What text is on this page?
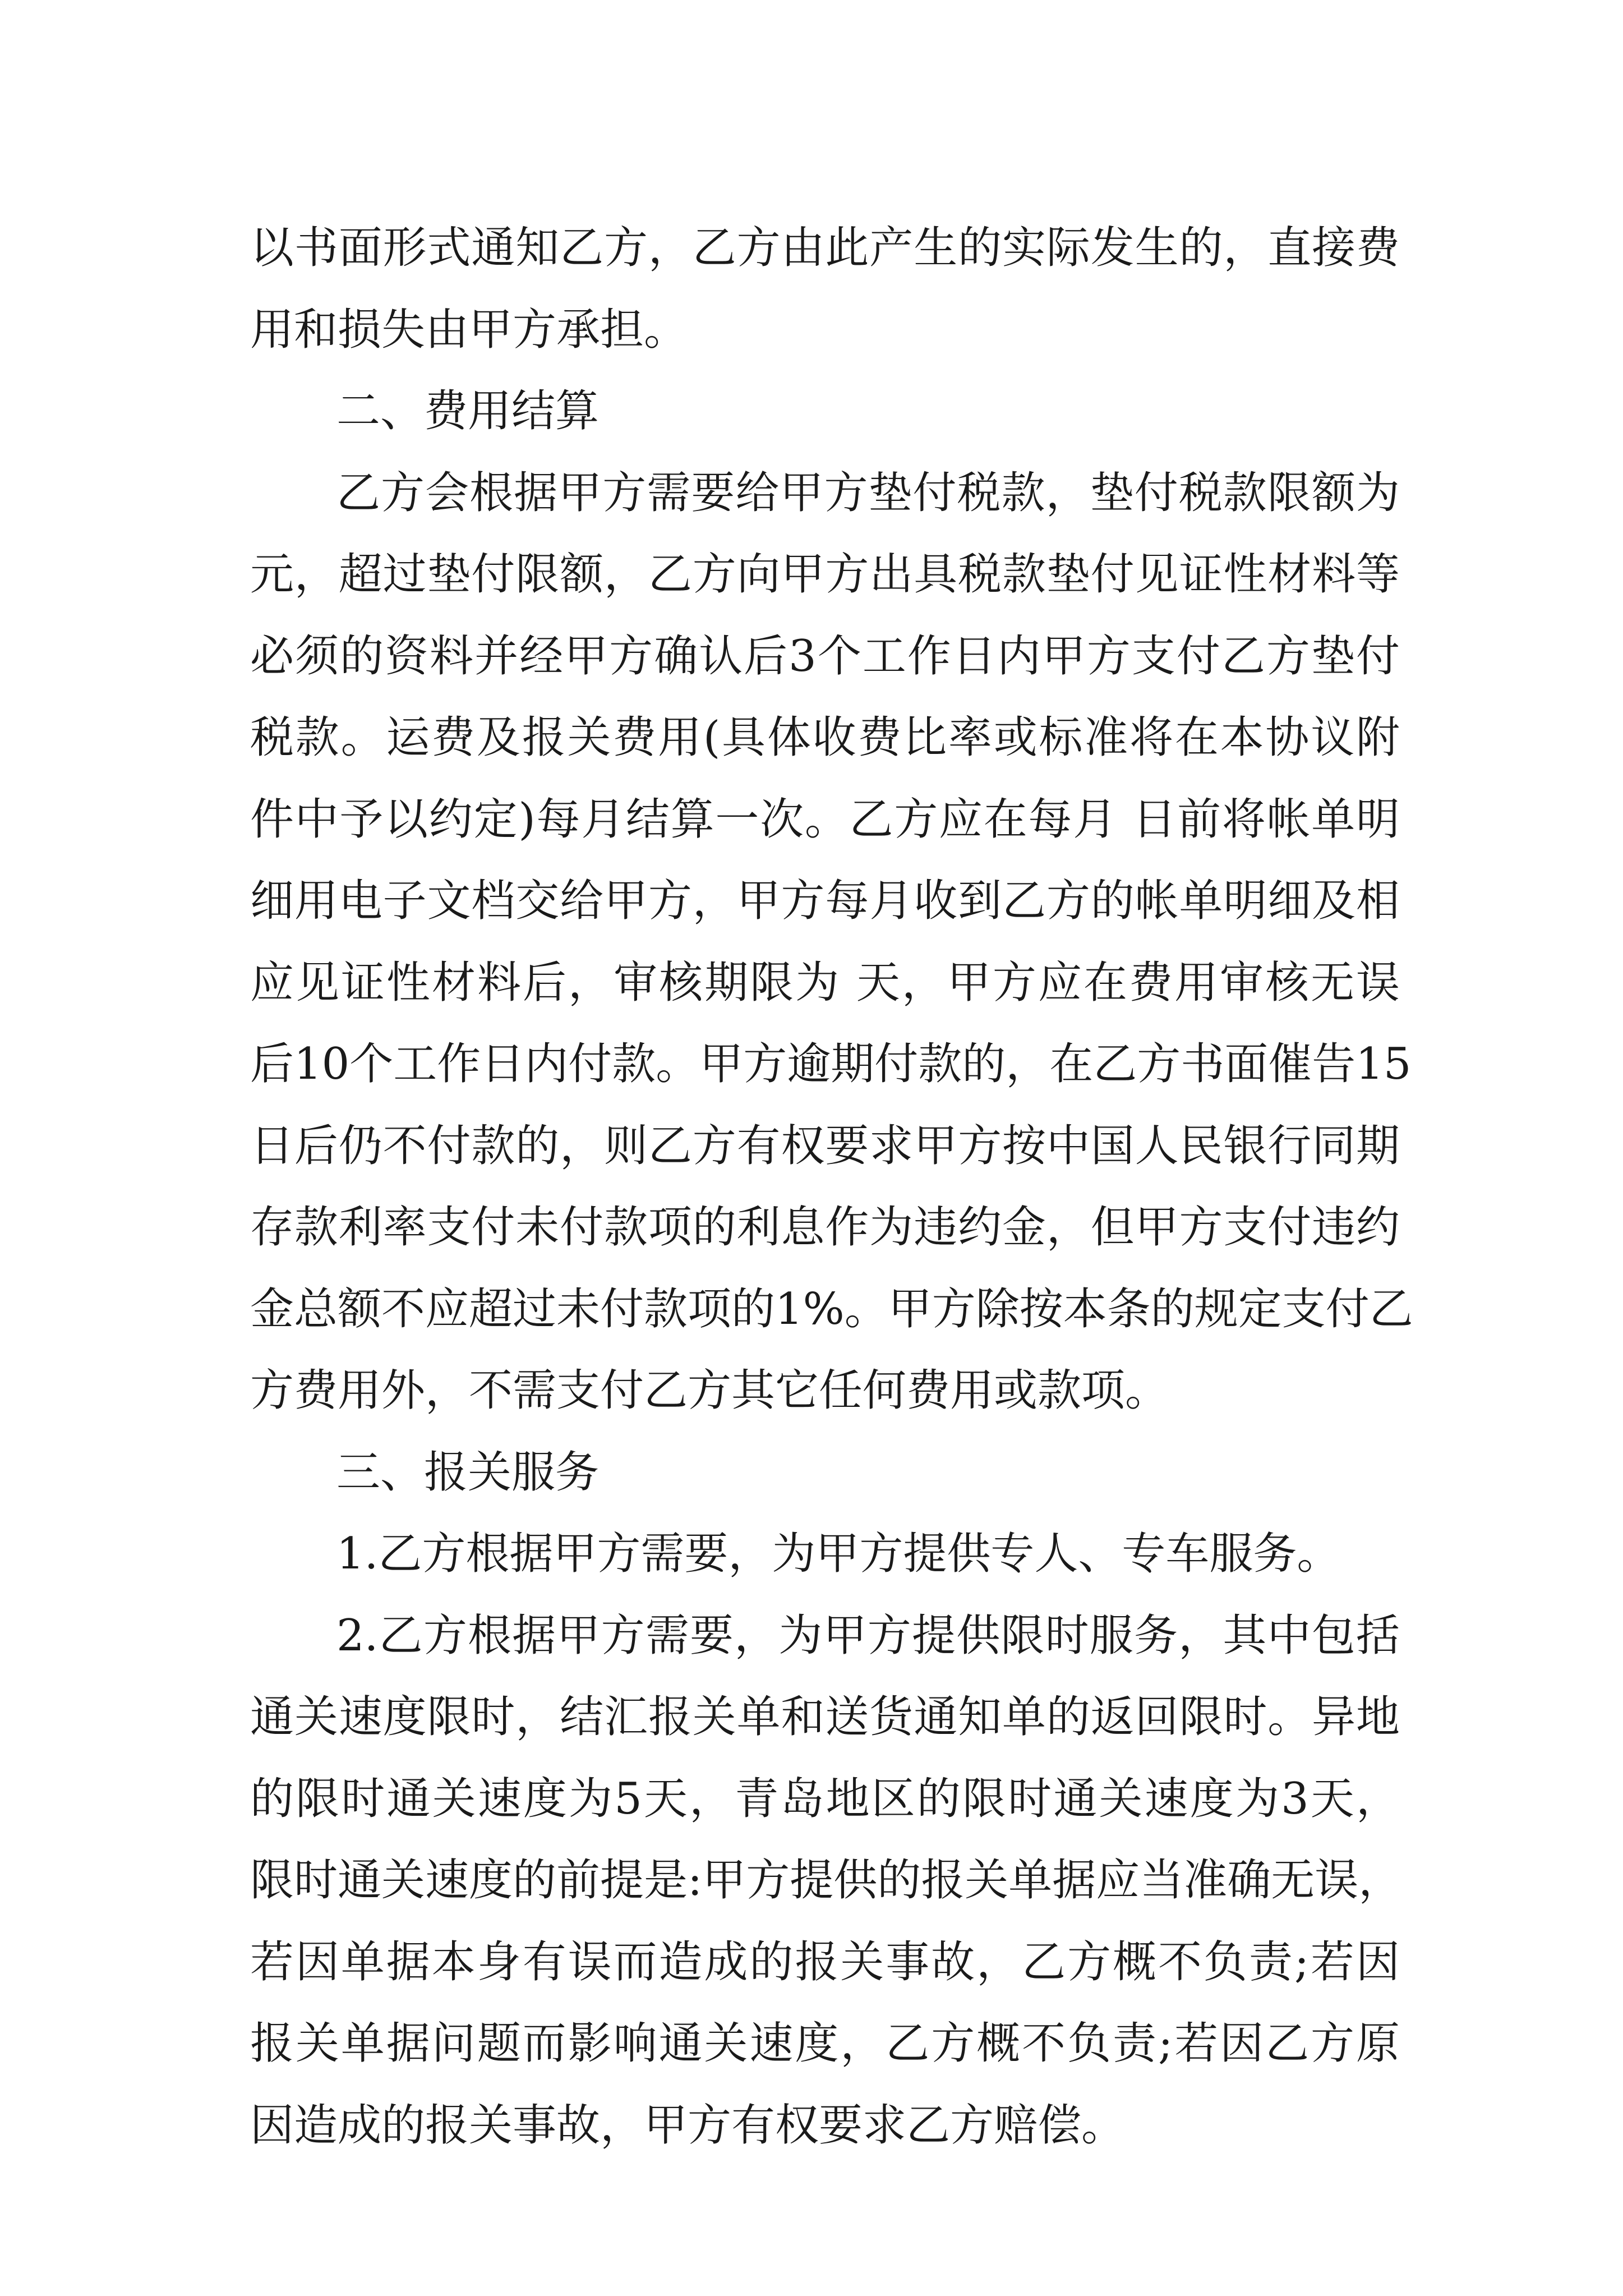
以书面形式通知乙方，乙方由此产生的实际发生的，直接费
用和损失由甲方承担。
二、费用结算
乙方会根据甲方需要给甲方垫付税款，垫付税款限额为
元，超过垫付限额，乙方向甲方出具税款垫付见证性材料等
必须的资料并经甲方确认后3个工作日内甲方支付乙方垫付
税款。运费及报关费用(具体收费比率或标准将在本协议附
件中予以约定)每月结算一次。乙方应在每月 日前将帐单明
细用电子文档交给甲方，甲方每月收到乙方的帐单明细及相
应见证性材料后，审核期限为 天，甲方应在费用审核无误
后10个工作日内付款。甲方逾期付款的，在乙方书面催告15
日后仍不付款的，则乙方有权要求甲方按中国人民银行同期
存款利率支付未付款项的利息作为违约金，但甲方支付违约
金总额不应超过未付款项的1%。甲方除按本条的规定支付乙
方费用外，不需支付乙方其它任何费用或款项。
三、报关服务
1.乙方根据甲方需要，为甲方提供专人、专车服务。
2.乙方根据甲方需要，为甲方提供限时服务，其中包括
通关速度限时，结汇报关单和送货通知单的返回限时。异地
的限时通关速度为5天，青岛地区的限时通关速度为3天，
限时通关速度的前提是:甲方提供的报关单据应当准确无误，
若因单据本身有误而造成的报关事故，乙方概不负责;若因
报关单据问题而影响通关速度，乙方概不负责;若因乙方原
因造成的报关事故，甲方有权要求乙方赔偿。
